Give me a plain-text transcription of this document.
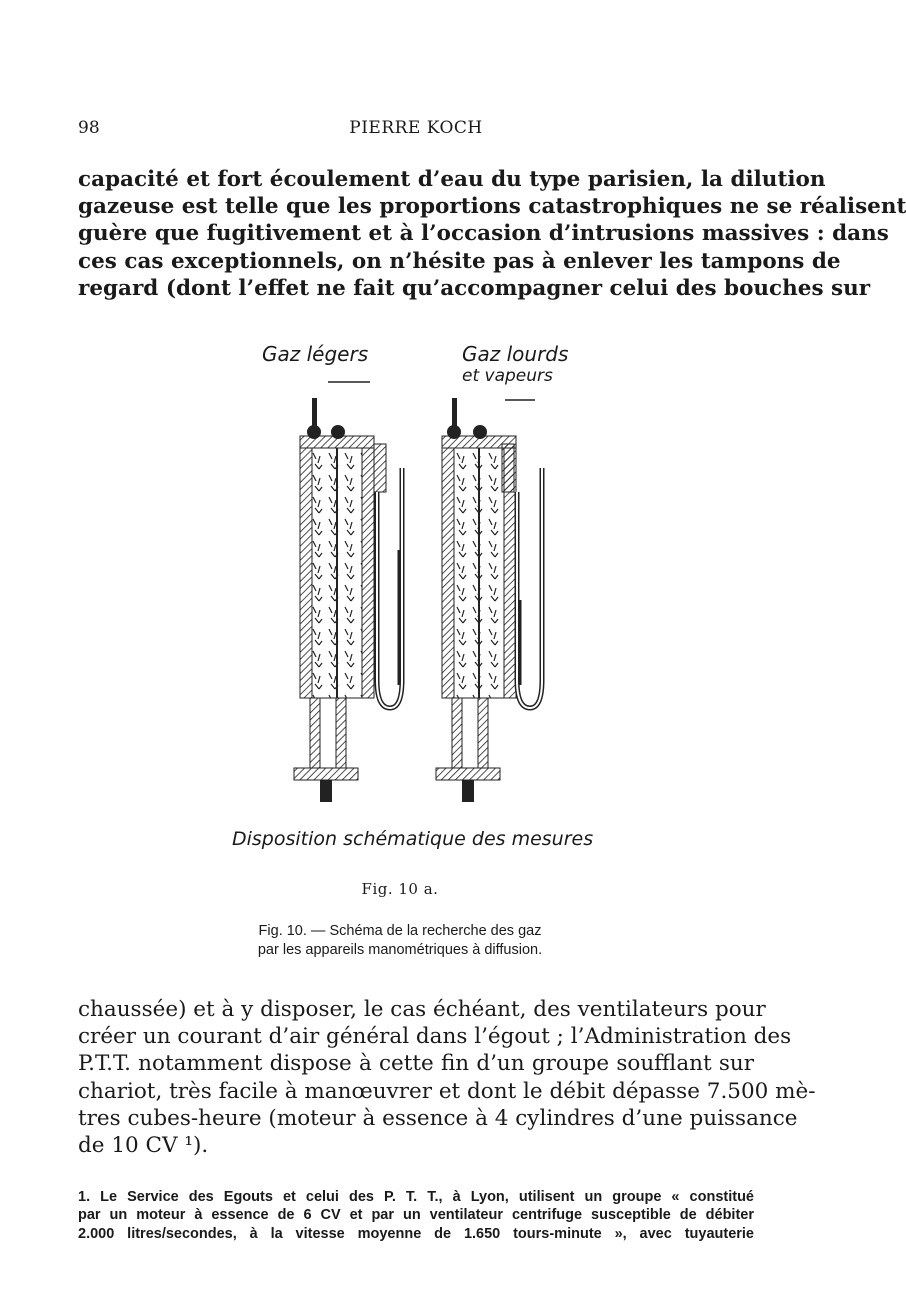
98	PIERRE KOCH

capacité et fort écoulement d’eau du type parisien, la dilution
gazeuse est telle que les proportions catastrophiques ne se réalisent
guère que fugitivement et à l’occasion d’intrusions massives : dans
ces cas exceptionnels, on n’hésite pas à enlever les tampons de
regard (dont l’effet ne fait qu’accompagner celui des bouches sur

Gaz légers	Gaz lourds
et vapeurs
Disposition schématique des mesures
Fig. 10 a.
Fig. 10. — Schéma de la recherche des gaz
par les appareils manométriques à diffusion.

chaussée) et à y disposer, le cas échéant, des ventilateurs pour
créer un courant d’air général dans l’égout ; l’Administration des
P.T.T. notamment dispose à cette fin d’un groupe soufflant sur
chariot, très facile à manœuvrer et dont le débit dépasse 7.500 mè-
tres cubes-heure (moteur à essence à 4 cylindres d’une puissance
de 10 CV ¹).

1. Le Service des Egouts et celui des P. T. T., à Lyon, utilisent un groupe « constitué
par un moteur à essence de 6 CV et par un ventilateur centrifuge susceptible de débiter
2.000 litres/secondes, à la vitesse moyenne de 1.650 tours-minute », avec tuyauterie
